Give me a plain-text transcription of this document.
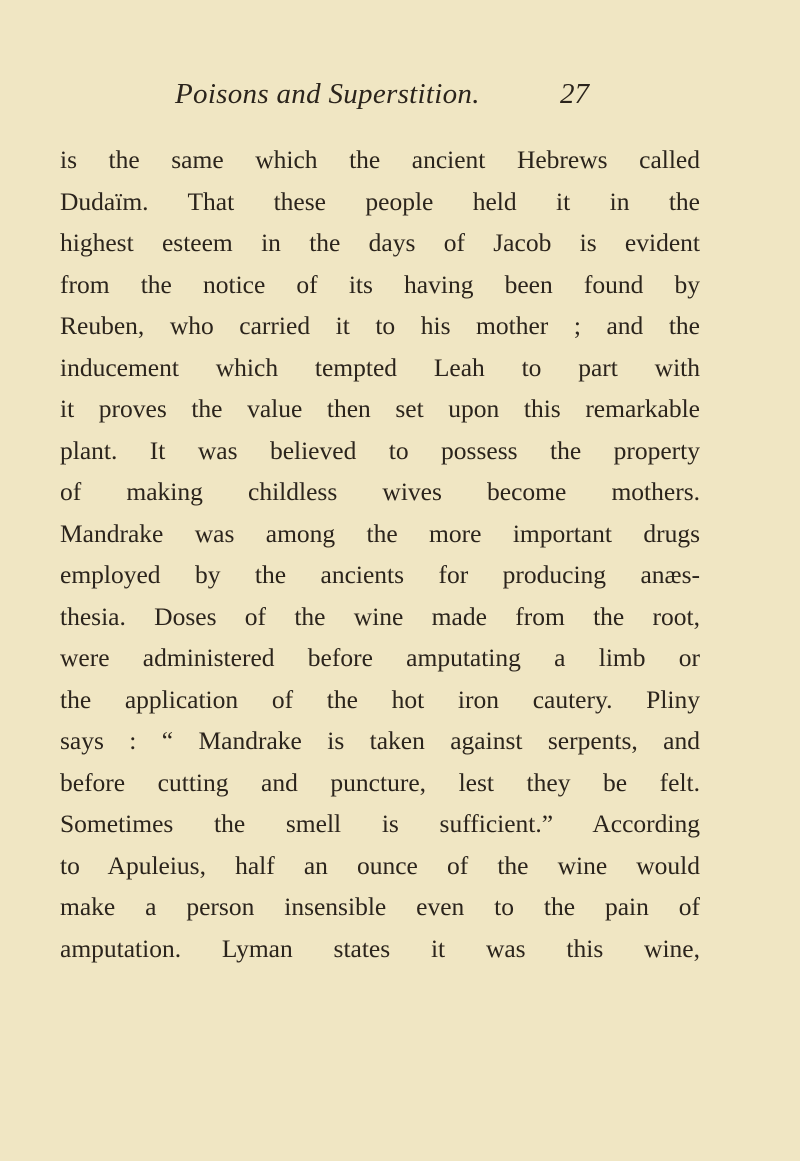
Poisons and Superstition.	27
is the same which the ancient Hebrews called
Dudaïm. That these people held it in the
highest esteem in the days of Jacob is evident
from the notice of its having been found by
Reuben, who carried it to his mother ; and the
inducement which tempted Leah to part with
it proves the value then set upon this remarkable
plant. It was believed to possess the property
of making childless wives become mothers.
Mandrake was among the more important drugs
employed by the ancients for producing anæs-
thesia. Doses of the wine made from the root,
were administered before amputating a limb or
the application of the hot iron cautery. Pliny
says : “ Mandrake is taken against serpents, and
before cutting and puncture, lest they be felt.
Sometimes the smell is sufficient.” According
to Apuleius, half an ounce of the wine would
make a person insensible even to the pain of
amputation. Lyman states it was this wine,
